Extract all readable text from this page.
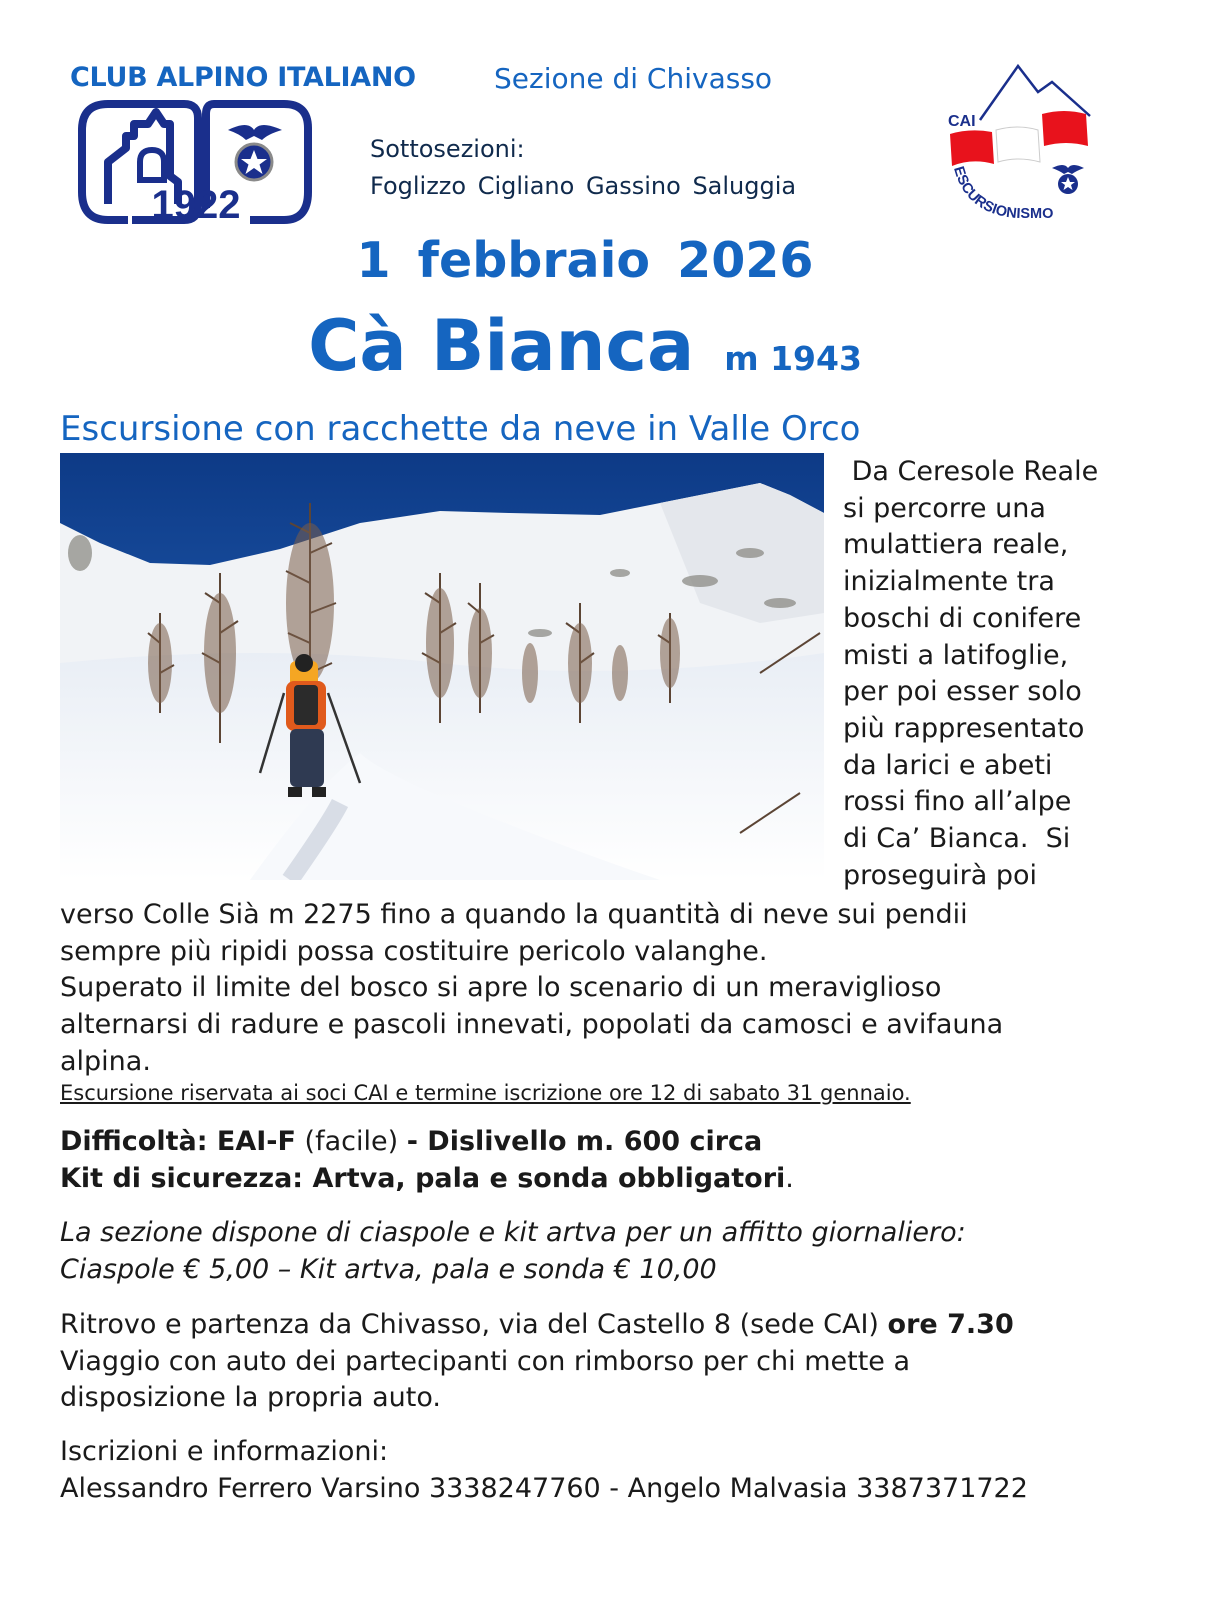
CLUB ALPINO ITALIANO	Sezione di Chivasso
1922
Sottosezioni:
Foglizzo Cigliano Gassino Saluggia
CAI
ESCURSIONISMO
1 febbraio 2026
Cà Bianca m 1943
Escursione con racchette da neve in Valle Orco
Da Ceresole Reale
si percorre una
mulattiera reale,
inizialmente tra
boschi di conifere
misti a latifoglie,
per poi esser solo
più rappresentato
da larici e abeti
rossi fino all’alpe
di Ca’ Bianca.  Si
proseguirà poi
verso Colle Sià m 2275 fino a quando la quantità di neve sui pendii
sempre più ripidi possa costituire pericolo valanghe.
Superato il limite del bosco si apre lo scenario di un meraviglioso
alternarsi di radure e pascoli innevati, popolati da camosci e avifauna
alpina.
Escursione riservata ai soci CAI e termine iscrizione ore 12 di sabato 31 gennaio.
Difficoltà: EAI-F (facile) - Dislivello m. 600 circa
Kit di sicurezza: Artva, pala e sonda obbligatori.
La sezione dispone di ciaspole e kit artva per un affitto giornaliero:
Ciaspole € 5,00 – Kit artva, pala e sonda € 10,00
Ritrovo e partenza da Chivasso, via del Castello 8 (sede CAI) ore 7.30
Viaggio con auto dei partecipanti con rimborso per chi mette a
disposizione la propria auto.
Iscrizioni e informazioni:
Alessandro Ferrero Varsino 3338247760 - Angelo Malvasia 3387371722
